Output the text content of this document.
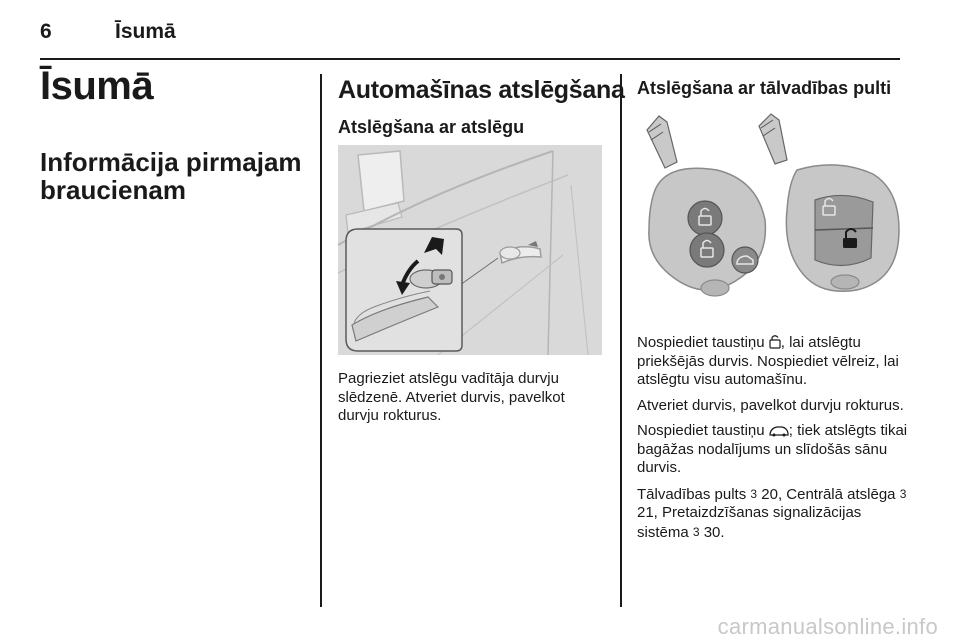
6	Īsumā
Īsumā
Informācija pirmajam braucienam
Automašīnas atslēgšana
Atslēgšana ar atslēgu
Pagrieziet atslēgu vadītāja durvju slēdzenē. Atveriet durvis, pavelkot durvju rokturus.
Atslēgšana ar tālvadības pulti

Nospiediet taustiņu , lai atslēgtu priekšējās durvis. Nospiediet vēlreiz, lai atslēgtu visu automašīnu.

Atveriet durvis, pavelkot durvju rokturus.

Nospiediet taustiņu ; tiek atslēgts tikai bagāžas nodalījums un slīdošās sānu durvis.

Tālvadības pults 3 20, Centrālā atslēga 3 21, Pretaizdzīšanas signalizācijas sistēma 3 30.

carmanualsonline.info
